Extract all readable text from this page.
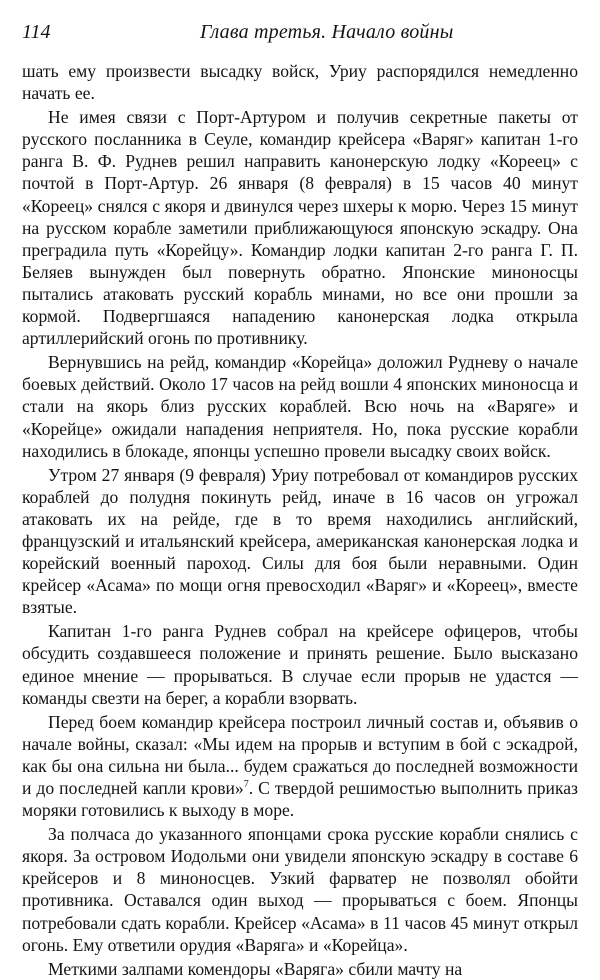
114	Глава третья. Начало войны

шать ему произвести высадку войск, Уриу распорядился немедленно начать ее.

Не имея связи с Порт-Артуром и получив секретные пакеты от русского посланника в Сеуле, командир крейсера «Варяг» капитан 1-го ранга В. Ф. Руднев решил направить канонерскую лодку «Кореец» с почтой в Порт-Артур. 26 января (8 февраля) в 15 часов 40 минут «Кореец» снялся с якоря и двинулся через шхеры к морю. Через 15 минут на русском корабле заметили приближающуюся японскую эскадру. Она преградила путь «Корейцу». Командир лодки капитан 2-го ранга Г. П. Беляев вынужден был повернуть обратно. Японские миноносцы пытались атаковать русский корабль минами, но все они прошли за кормой. Подвергшаяся нападению канонерская лодка открыла артиллерийский огонь по противнику.

Вернувшись на рейд, командир «Корейца» доложил Рудневу о начале боевых действий. Около 17 часов на рейд вошли 4 японских миноносца и стали на якорь близ русских кораблей. Всю ночь на «Варяге» и «Корейце» ожидали нападения неприятеля. Но, пока русские корабли находились в блокаде, японцы успешно провели высадку своих войск.

Утром 27 января (9 февраля) Уриу потребовал от командиров русских кораблей до полудня покинуть рейд, иначе в 16 часов он угрожал атаковать их на рейде, где в то время находились английский, французский и итальянский крейсера, американская канонерская лодка и корейский военный пароход. Силы для боя были неравными. Один крейсер «Асама» по мощи огня превосходил «Варяг» и «Кореец», вместе взятые.

Капитан 1-го ранга Руднев собрал на крейсере офицеров, чтобы обсудить создавшееся положение и принять решение. Было высказано единое мнение — прорываться. В случае если прорыв не удастся — команды свезти на берег, а корабли взорвать.

Перед боем командир крейсера построил личный состав и, объявив о начале войны, сказал: «Мы идем на прорыв и вступим в бой с эскадрой, как бы она сильна ни была... будем сражаться до последней возможности и до последней капли крови»$^7$. С твердой решимостью выполнить приказ моряки готовились к выходу в море.

За полчаса до указанного японцами срока русские корабли снялись с якоря. За островом Иодольми они увидели японскую эскадру в составе 6 крейсеров и 8 миноносцев. Узкий фарватер не позволял обойти противника. Оставался один выход — прорываться с боем. Японцы потребовали сдать корабли. Крейсер «Асама» в 11 часов 45 минут открыл огонь. Ему ответили орудия «Варяга» и «Корейца».

Меткими залпами комендоры «Варяга» сбили мачту на
